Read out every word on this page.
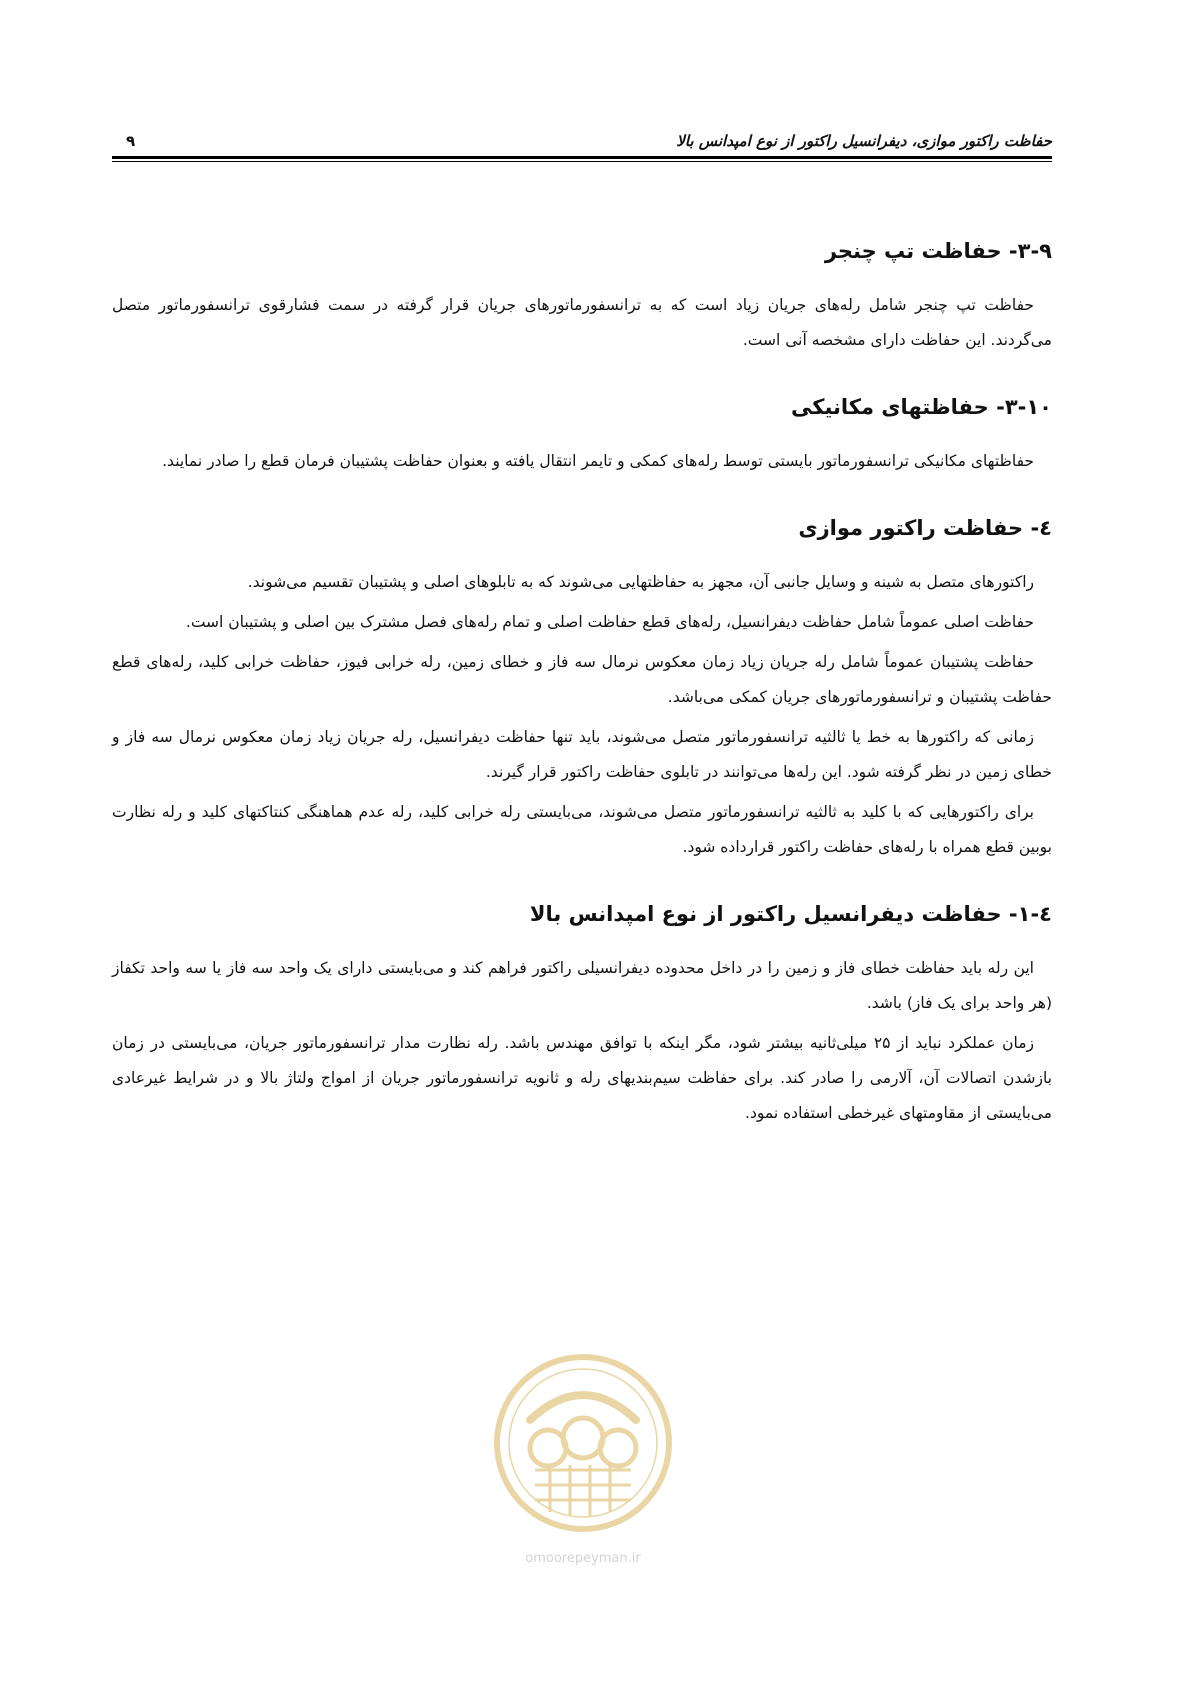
حفاظت راکتور موازی، دیفرانسیل راکتور از نوع امپدانس بالا
۹
۳-۹- حفاظت تپ چنجر

حفاظت تپ چنجر شامل رله‌های جریان زیاد است که به ترانسفورماتورهای جریان قرار گرفته در سمت فشارقوی ترانسفورماتور متصل می‌گردند. این حفاظت دارای مشخصه آنی است.

۳-۱۰- حفاظتهای مکانیکی

حفاظتهای مکانیکی ترانسفورماتور بایستی توسط رله‌های کمکی و تایمر انتقال یافته و بعنوان حفاظت پشتیبان فرمان قطع را صادر نمایند.

٤- حفاظت راکتور موازی

راکتورهای متصل به شینه و وسایل جانبی آن، مجهز به حفاظتهایی می‌شوند که به تابلوهای اصلی و پشتیبان تقسیم می‌شوند.

حفاظت اصلی عموماً شامل حفاظت دیفرانسیل، رله‌های قطع حفاظت اصلی و تمام رله‌های فصل مشترک بین اصلی و پشتیبان است.

حفاظت پشتیبان عموماً شامل رله جریان زیاد زمان معکوس نرمال سه فاز و خطای زمین، رله خرابی فیوز، حفاظت خرابی کلید، رله‌های قطع حفاظت پشتیبان و ترانسفورماتورهای جریان کمکی می‌باشد.

زمانی که راکتورها به خط یا ثالثیه ترانسفورماتور متصل می‌شوند، باید تنها حفاظت دیفرانسیل، رله جریان زیاد زمان معکوس نرمال سه فاز و خطای زمین در نظر گرفته شود. این رله‌ها می‌توانند در تابلوی حفاظت راکتور قرار گیرند.

برای راکتورهایی که با کلید به ثالثیه ترانسفورماتور متصل می‌شوند، می‌بایستی رله خرابی کلید، رله عدم هماهنگی کنتاکتهای کلید و رله نظارت بوبین قطع همراه با رله‌های حفاظت راکتور قرارداده شود.

٤-١- حفاظت دیفرانسیل راکتور از نوع امپدانس بالا

این رله باید حفاظت خطای فاز و زمین را در داخل محدوده دیفرانسیلی راکتور فراهم کند و می‌بایستی دارای یک واحد سه فاز یا سه واحد تکفاز (هر واحد برای یک فاز) باشد.

زمان عملکرد نباید از ۲۵ میلی‌ثانیه بیشتر شود، مگر اینکه با توافق مهندس باشد. رله نظارت مدار ترانسفورماتور جریان، می‌بایستی در زمان بازشدن اتصالات آن، آلارمی را صادر کند. برای حفاظت سیم‌بندیهای رله و ثانویه ترانسفورماتور جریان از امواج ولتاژ بالا و در شرایط غیرعادی می‌بایستی از مقاومتهای غیرخطی استفاده نمود.

omoorepeyman.ir
